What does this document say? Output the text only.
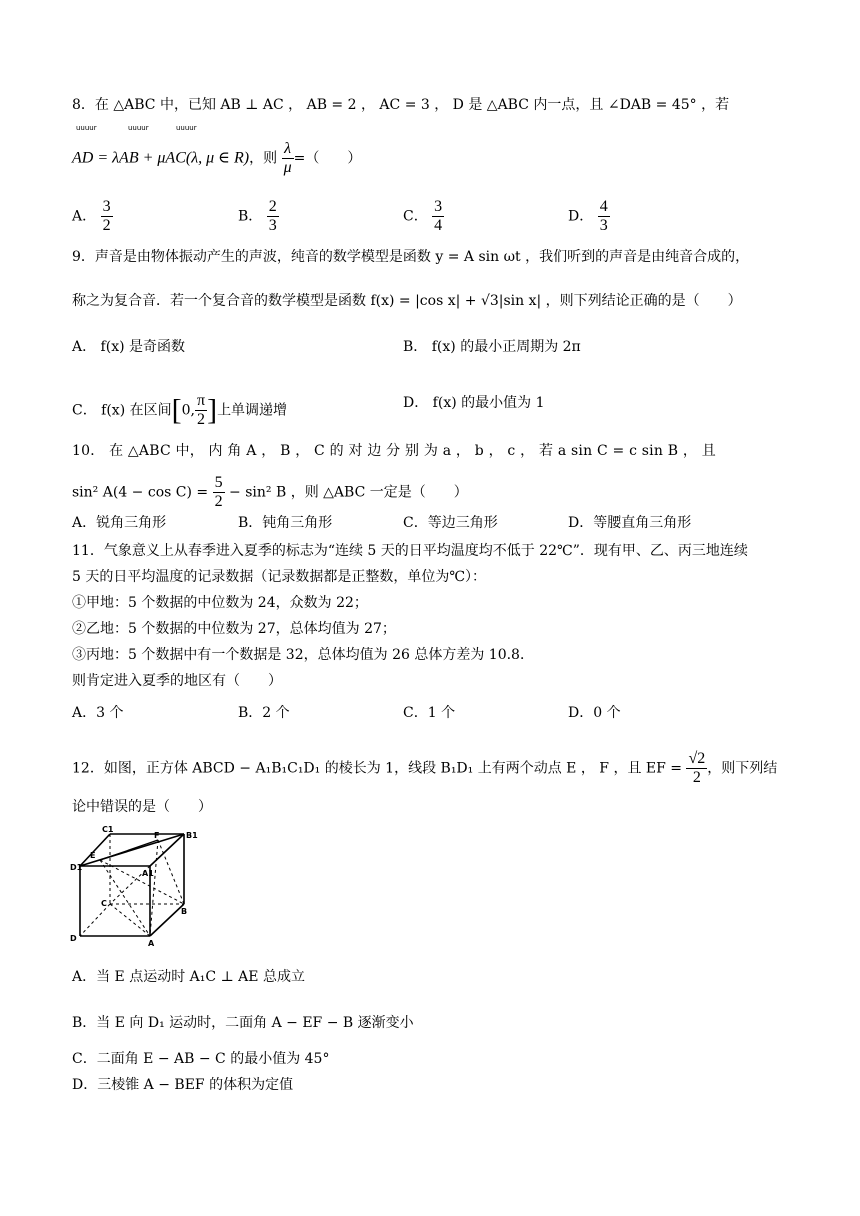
8．在 △ABC 中，已知 AB ⊥ AC ， AB = 2 ， AC = 3 ， D 是 △ABC 内一点，且 ∠DAB = 45° ，若
uuuur	uuuur	uuuur
AD = λAB + μAC(λ, μ ∈ R)，则 $\frac{\lambda}{\mu}$ =（　　）
A． $\frac{3}{2}$	B． $\frac{2}{3}$	C． $\frac{3}{4}$	D． $\frac{4}{3}$
9．声音是由物体振动产生的声波，纯音的数学模型是函数 y = A sin ωt ，我们听到的声音是由纯音合成的，
称之为复合音．若一个复合音的数学模型是函数 f(x) = |cos x| + √3|sin x| ，则下列结论正确的是（　　）
A． f(x) 是奇函数	B． f(x) 的最小正周期为 2π
C． f(x) 在区间[0, $\frac{\pi}{2}$ ]上单调递增	D． f(x) 的最小值为 1
10． 在 △ABC 中， 内 角 A ， B ， C 的 对 边 分 别 为 a ， b ， c ， 若 a sin C = c sin B ， 且
sin² $A(4 - \cos C) = \frac{5}{2} - \sin^2$ B ，则 △ABC 一定是（　　）
A．锐角三角形	B．钝角三角形	C．等边三角形	D．等腰直角三角形
11．气象意义上从春季进入夏季的标志为“连续 5 天的日平均温度均不低于 22℃”．现有甲、乙、丙三地连续
5 天的日平均温度的记录数据（记录数据都是正整数，单位为℃）：
①甲地：5 个数据的中位数为 24，众数为 22；
②乙地：5 个数据的中位数为 27，总体均值为 27；
③丙地：5 个数据中有一个数据是 32，总体均值为 26 总体方差为 10.8．
则肯定进入夏季的地区有（　　）
A．3 个	B．2 个	C．1 个	D．0 个
12．如图，正方体 ABCD − A₁B₁C₁D₁ 的棱长为 1，线段 B₁D₁ 上有两个动点 E ， F ，且 EF = $\frac{√2}{2}$ ，则下列结
论中错误的是（　　）
C1
F	B1
E
D1
A1
C
B
D
A
A．当 E 点运动时 A₁C ⊥ AE 总成立
B．当 E 向 D₁ 运动时，二面角 A − EF − B 逐渐变小
C．二面角 E − AB − C 的最小值为 45°
D．三棱锥 A − BEF 的体积为定值
